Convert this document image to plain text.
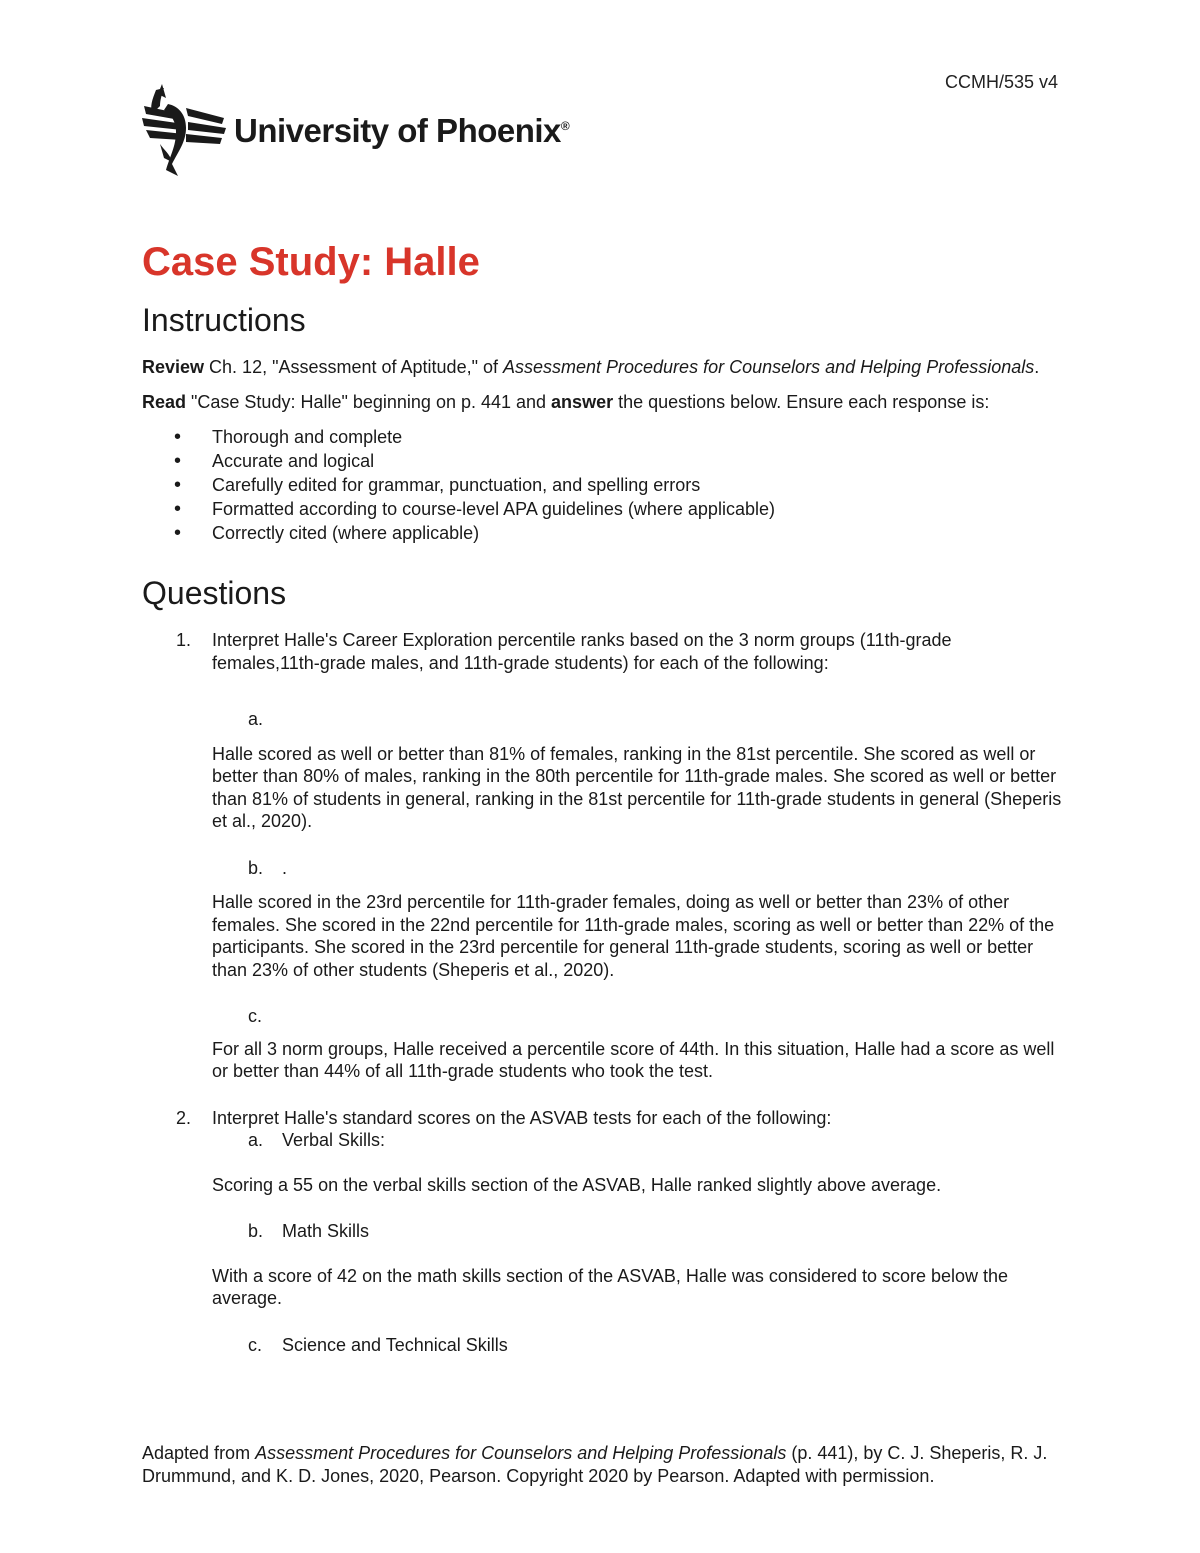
CCMH/535 v4
University of Phoenix®
Case Study: Halle
Instructions

Review Ch. 12, "Assessment of Aptitude," of Assessment Procedures for Counselors and Helping Professionals.

Read "Case Study: Halle" beginning on p. 441 and answer the questions below. Ensure each response is:

• Thorough and complete
• Accurate and logical
• Carefully edited for grammar, punctuation, and spelling errors
• Formatted according to course-level APA guidelines (where applicable)
• Correctly cited (where applicable)
Questions
1.	Interpret Halle's Career Exploration percentile ranks based on the 3 norm groups (11th-grade females,11th-grade males, and 11th-grade students) for each of the following:
a.

Halle scored as well or better than 81% of females, ranking in the 81st percentile. She scored as well or better than 80% of males, ranking in the 80th percentile for 11th-grade males. She scored as well or better than 81% of students in general, ranking in the 81st percentile for 11th-grade students in general (Sheperis et al., 2020).

b. .

Halle scored in the 23rd percentile for 11th-grader females, doing as well or better than 23% of other females. She scored in the 22nd percentile for 11th-grade males, scoring as well or better than 22% of the participants. She scored in the 23rd percentile for general 11th-grade students, scoring as well or better than 23% of other students (Sheperis et al., 2020).

c.

For all 3 norm groups, Halle received a percentile score of 44th. In this situation, Halle had a score as well or better than 44% of all 11th-grade students who took the test.

2.	Interpret Halle's standard scores on the ASVAB tests for each of the following:
a. Verbal Skills:

Scoring a 55 on the verbal skills section of the ASVAB, Halle ranked slightly above average.

b. Math Skills

With a score of 42 on the math skills section of the ASVAB, Halle was considered to score below the average.

c. Science and Technical Skills
Adapted from Assessment Procedures for Counselors and Helping Professionals (p. 441), by C. J. Sheperis, R. J. Drummund, and K. D. Jones, 2020, Pearson. Copyright 2020 by Pearson. Adapted with permission.
